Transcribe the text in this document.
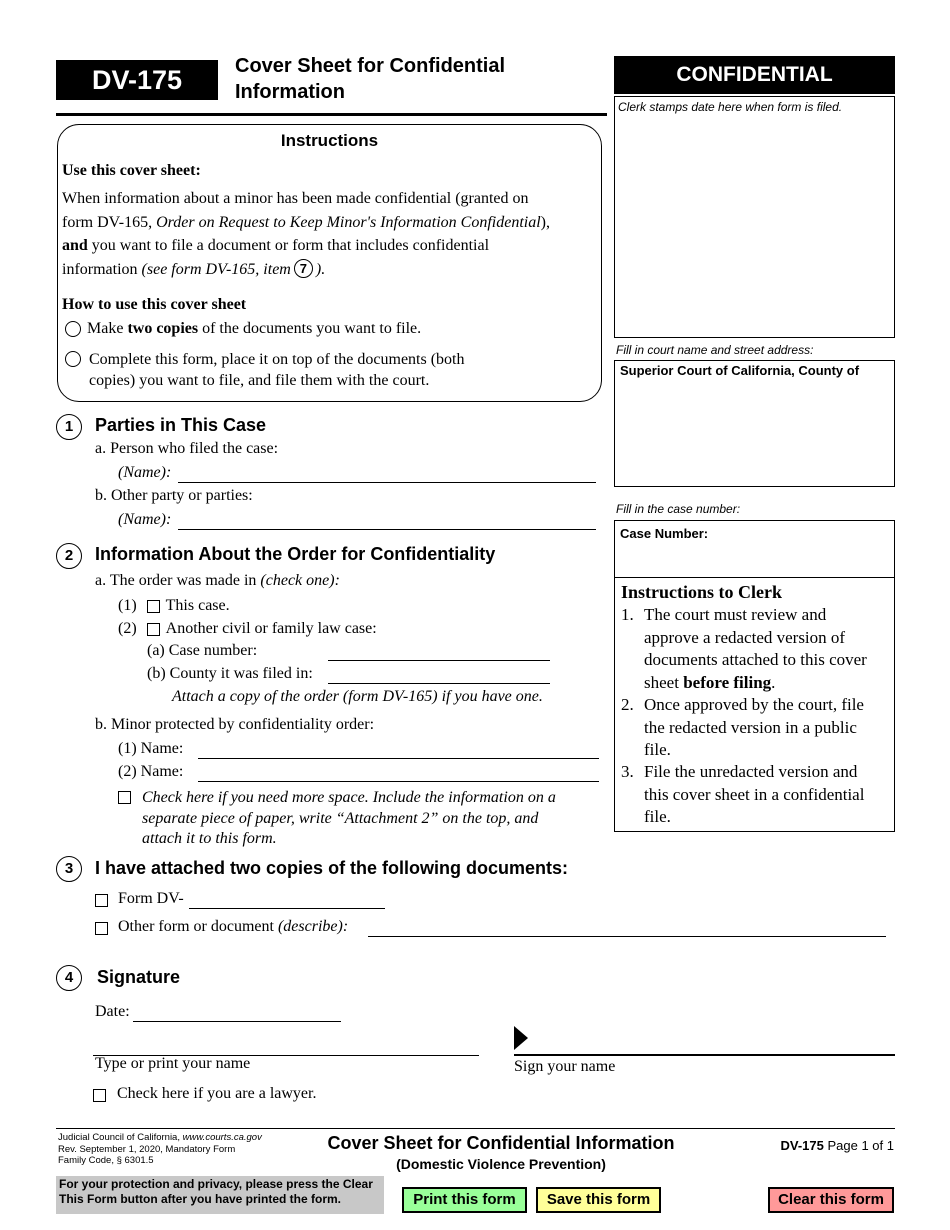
DV-175	Cover Sheet for Confidential
Information
CONFIDENTIAL
Clerk stamps date here when form is filed.
Fill in court name and street address:
Superior Court of California, County of
Fill in the case number:
Case Number:
Instructions to Clerk
1. The court must review and
approve a redacted version of
documents attached to this cover
sheet before filing.
2. Once approved by the court, file
the redacted version in a public
file.
3. File the unredacted version and
this cover sheet in a confidential
file.
Instructions
Use this cover sheet:
When information about a minor has been made confidential (granted on
form DV-165, Order on Request to Keep Minor's Information Confidential),
and you want to file a document or form that includes confidential
information (see form DV-165, item 7 ).
How to use this cover sheet
Make two copies of the documents you want to file.
Complete this form, place it on top of the documents (both
copies) you want to file, and file them with the court.
1	Parties in This Case
a. Person who filed the case:
(Name):
b. Other party or parties:
(Name):
2	Information About the Order for Confidentiality
a. The order was made in (check one):
(1) This case.
(2) Another civil or family law case:
(a) Case number:
(b) County it was filed in:
Attach a copy of the order (form DV-165) if you have one.
b. Minor protected by confidentiality order:
(1) Name:
(2) Name:
Check here if you need more space. Include the information on a
separate piece of paper, write “Attachment 2” on the top, and
attach it to this form.
3	I have attached two copies of the following documents:
Form DV-
Other form or document (describe):
4	Signature
Date:
Type or print your name	Sign your name
Check here if you are a lawyer.
Judicial Council of California, www.courts.ca.gov
Rev. September 1, 2020, Mandatory Form
Family Code, § 6301.5
Cover Sheet for Confidential Information
(Domestic Violence Prevention)
DV-175 Page 1 of 1
For your protection and privacy, please press the Clear
This Form button after you have printed the form.	Print this form	Save this form	Clear this form
